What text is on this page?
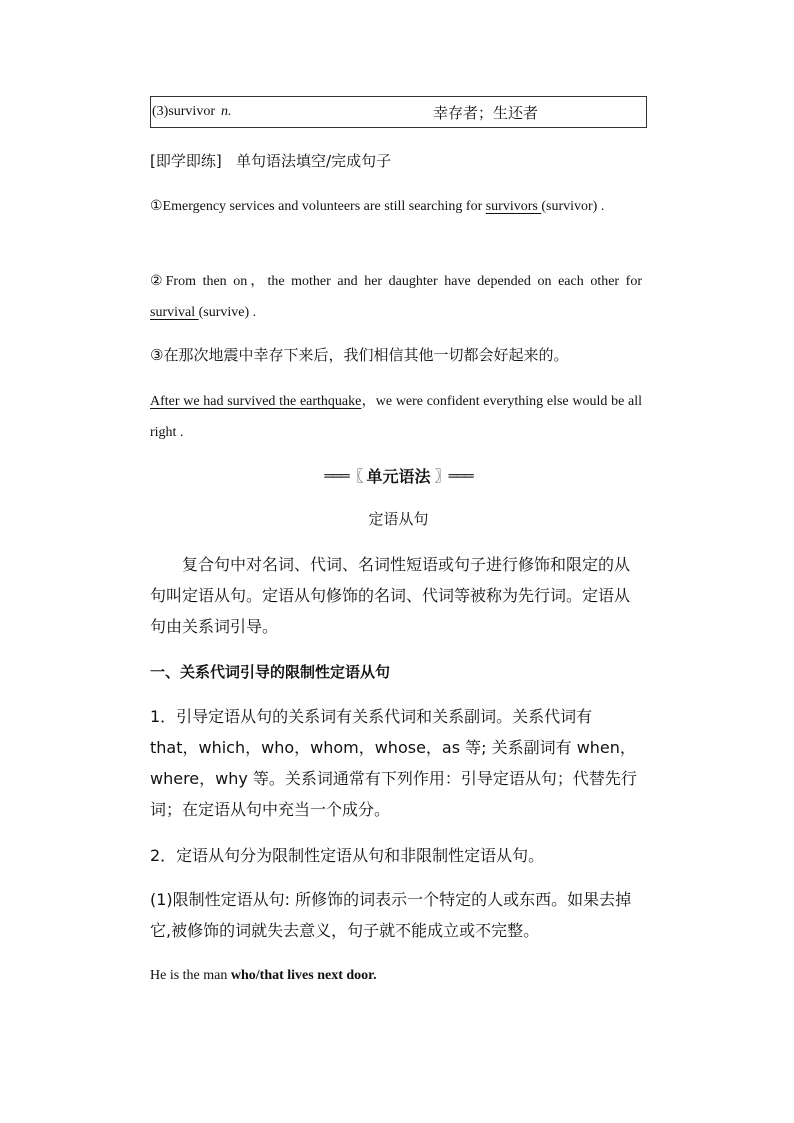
(3)survivor n.	幸存者；生还者
[即学即练] 单句语法填空/完成句子
①Emergency services and volunteers are still searching for survivors (survivor) .
②From then on，the mother and her daughter have depended on each other for survival (survive) .
③在那次地震中幸存下来后，我们相信其他一切都会好起来的。
After we had survived the earthquake，we were confident everything else would be all right .
═══〖 单元语法 〗═══
定语从句
复合句中对名词、代词、名词性短语或句子进行修饰和限定的从句叫定语从句。定语从句修饰的名词、代词等被称为先行词。定语从句由关系词引导。
一、关系代词引导的限制性定语从句
1．引导定语从句的关系词有关系代词和关系副词。关系代词有 that，which，who，whom，whose，as 等; 关系副词有 when，where，why 等。关系词通常有下列作用：引导定语从句；代替先行词；在定语从句中充当一个成分。
2．定语从句分为限制性定语从句和非限制性定语从句。
(1)限制性定语从句: 所修饰的词表示一个特定的人或东西。如果去掉它,被修饰的词就失去意义，句子就不能成立或不完整。
He is the man who/that lives next door.
